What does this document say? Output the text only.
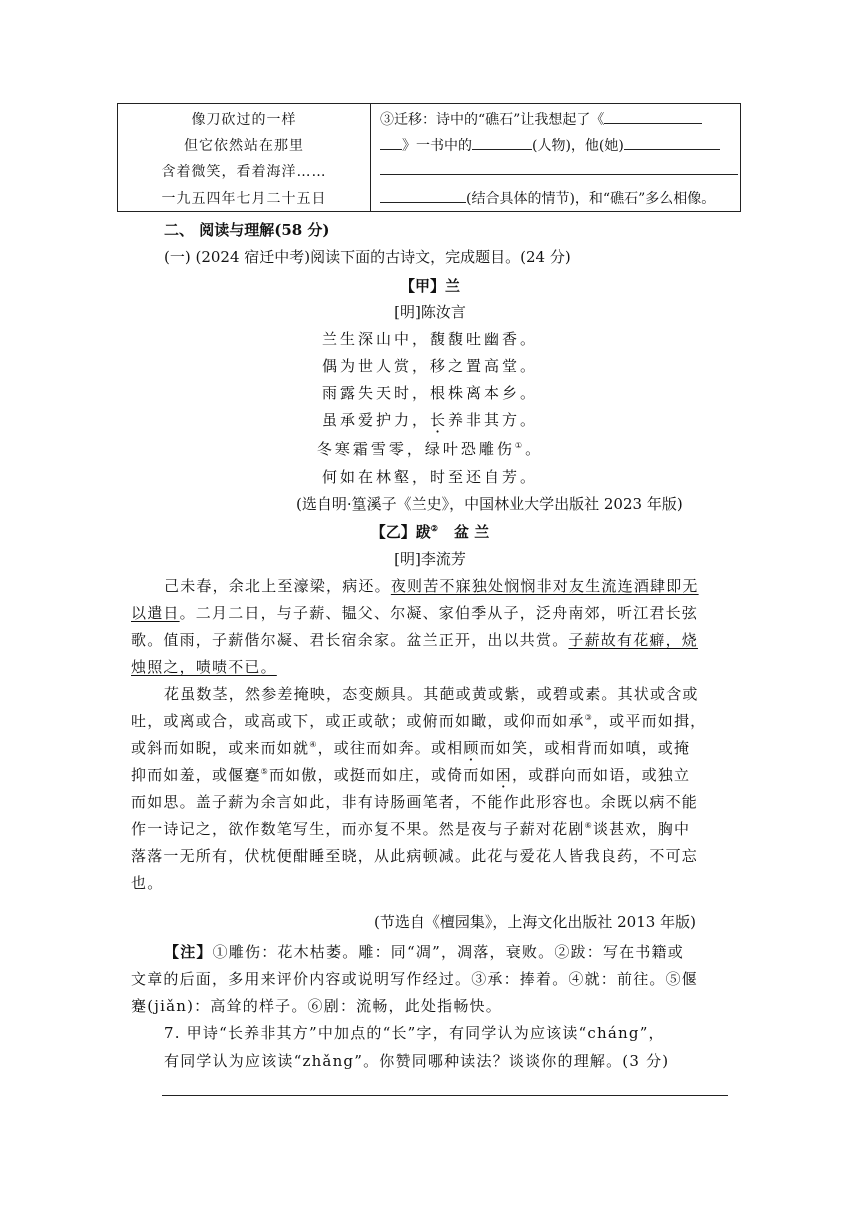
像刀砍过的一样
但它依然站在那里
含着微笑，看着海洋……
一九五四年七月二十五日
③迁移：诗中的“礁石”让我想起了《
》一书中的	(人物)，他(她)
(结合具体的情节)，和“礁石”多么相像。
二、 阅读与理解(58 分)
(一) (2024 宿迁中考)阅读下面的古诗文，完成题目。(24 分)
【甲】兰
[明]陈汝言
兰生深山中，馥馥吐幽香。
偶为世人赏，移之置高堂。
雨露失天时，根株离本乡。
虽承爱护力，长养非其方。
冬寒霜雪零，绿叶恐雕伤①。
何如在林壑，时至还自芳。
(选自明·篁溪子《兰史》，中国林业大学出版社 2023 年版)
【乙】跋② 盆 兰
[明]李流芳
己未春，余北上至濠梁，病还。夜则苦不寐独处悯悯非对友生流连酒肆即无
以遣日。二月二日，与子薪、韫父、尔凝、家伯季从子，泛舟南郊，听江君长弦
歌。值雨，子薪偕尔凝、君长宿余家。盆兰正开，出以共赏。子薪故有花癖，烧
烛照之，啧啧不已。
花虽数茎，然参差掩映，态变颇具。其葩或黄或紫，或碧或素。其状或含或
吐，或离或合，或高或下，或正或欹；或俯而如瞰，或仰而如承③，或平而如揖，
或斜而如睨，或来而如就④，或往而如奔。或相顾而如笑，或相背而如嗔，或掩
抑而如羞，或偃蹇⑤而如傲，或挺而如庄，或倚而如困，或群向而如语，或独立
而如思。盖子薪为余言如此，非有诗肠画笔者，不能作此形容也。余既以病不能
作一诗记之，欲作数笔写生，而亦复不果。然是夜与子薪对花剧⑥谈甚欢，胸中
落落一无所有，伏枕便酣睡至晓，从此病顿减。此花与爱花人皆我良药，不可忘
也。
(节选自《檀园集》，上海文化出版社 2013 年版)
【注】①雕伤：花木枯萎。雕：同“凋”，凋落，衰败。②跋：写在书籍或
文章的后面，多用来评价内容或说明写作经过。③承：捧着。④就：前往。⑤偃
蹇(jiǎn)：高耸的样子。⑥剧：流畅，此处指畅快。
7. 甲诗“长养非其方”中加点的“长”字，有同学认为应该读“cháng”，
有同学认为应该读“zhǎng”。你赞同哪种读法？谈谈你的理解。(3 分)
